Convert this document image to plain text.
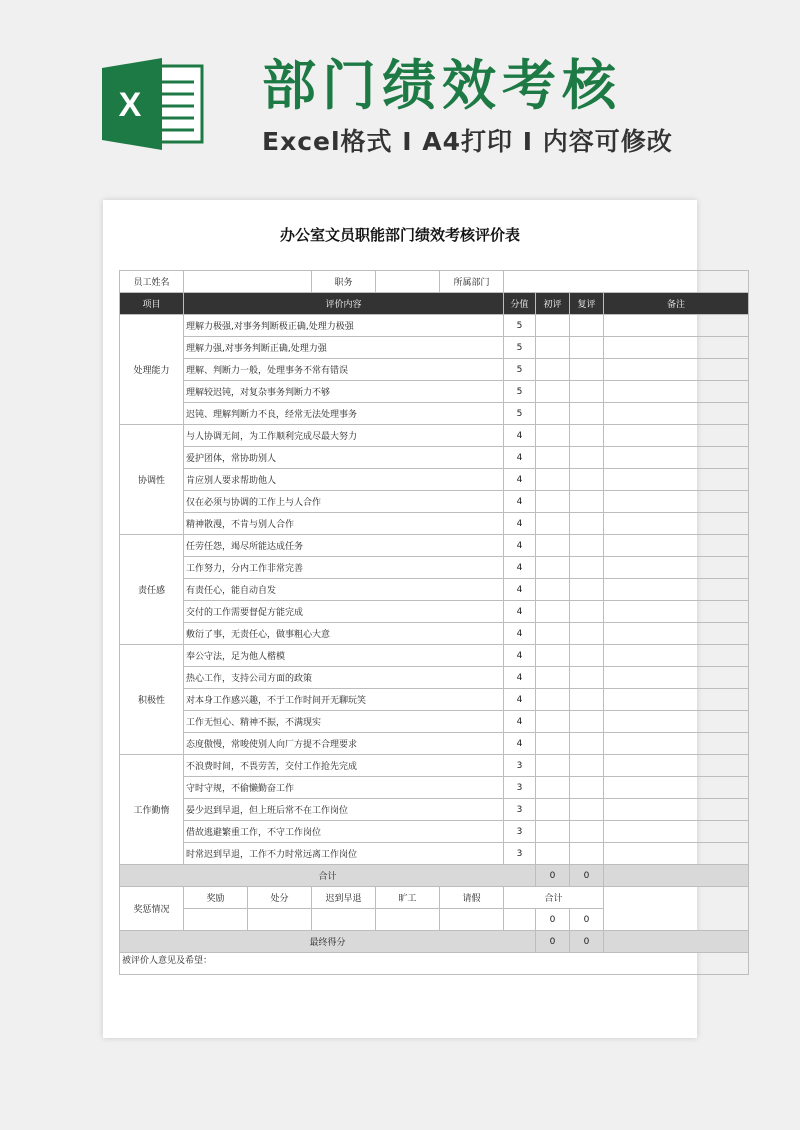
X 部门绩效考核
Excel格式 I A4打印 I 内容可修改
办公室文员职能部门绩效考核评价表
员工姓名			职务		所属部门				
项目	评价内容					分值	初评	复评	备注
处理能力	理解力极强,对事务判断极正确,处理力极强					5			
	理解力强,对事务判断正确,处理力强					5			
	理解、判断力一般，处理事务不常有错误					5			
	理解较迟钝，对复杂事务判断力不够					5			
	迟钝、理解判断力不良，经常无法处理事务					5			
协调性	与人协调无间，为工作顺利完成尽最大努力					4			
	爱护团体，常协助别人					4			
	肯应别人要求帮助他人					4			
	仅在必须与协调的工作上与人合作					4			
	精神散漫，不肯与别人合作					4			
责任感	任劳任怨，竭尽所能达成任务					4			
	工作努力，分内工作非常完善					4			
	有责任心，能自动自发					4			
	交付的工作需要督促方能完成					4			
	敷衍了事，无责任心，做事粗心大意					4			
积极性	奉公守法，足为他人楷模					4			
	热心工作，支持公司方面的政策					4			
	对本身工作感兴趣，不于工作时间开无聊玩笑					4			
	工作无恒心、精神不振，不满现实					4			
	态度傲慢，常唆使别人向厂方提不合理要求					4			
工作勤惰	不浪费时间，不畏劳苦，交付工作抢先完成					3			
	守时守规，不偷懒勤奋工作					3			
	晏少迟到早退，但上班后常不在工作岗位					3			
	借故逃避繁重工作，不守工作岗位					3			
	时常迟到早退，工作不力时常远离工作岗位					3			
合计							0	0	
奖惩情况	奖励	处分	迟到早退	旷工	请假	合计			
							0	0	
最终得分							0	0	
被评价人意见及希望：									
